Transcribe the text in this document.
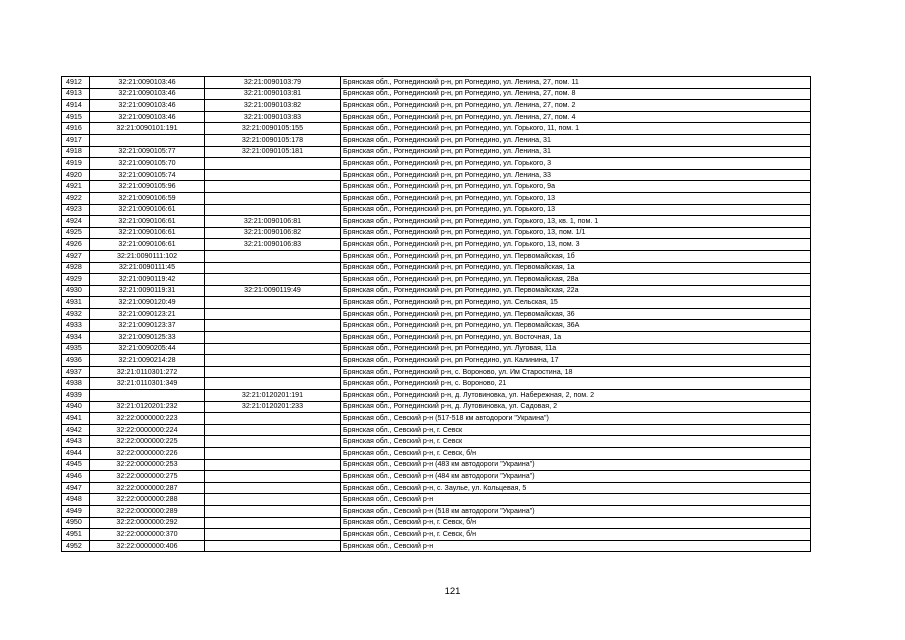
4912	32:21:0090103:46	32:21:0090103:79	Брянская обл., Рогнединский р-н, рп Рогнедино, ул. Ленина, 27, пом. 11
4913	32:21:0090103:46	32:21:0090103:81	Брянская обл., Рогнединский р-н, рп Рогнедино, ул. Ленина, 27, пом. 8
4914	32:21:0090103:46	32:21:0090103:82	Брянская обл., Рогнединский р-н, рп Рогнедино, ул. Ленина, 27, пом. 2
4915	32:21:0090103:46	32:21:0090103:83	Брянская обл., Рогнединский р-н, рп Рогнедино, ул. Ленина, 27, пом. 4
4916	32:21:0090101:191	32:21:0090105:155	Брянская обл., Рогнединский р-н, рп Рогнедино, ул. Горького, 11, пом. 1
4917		32:21:0090105:178	Брянская обл., Рогнединский р-н, рп Рогнедино, ул. Ленина, 31
4918	32:21:0090105:77	32:21:0090105:181	Брянская обл., Рогнединский р-н, рп Рогнедино, ул. Ленина, 31
4919	32:21:0090105:70		Брянская обл., Рогнединский р-н, рп Рогнедино, ул. Горького, 3
4920	32:21:0090105:74		Брянская обл., Рогнединский р-н, рп Рогнедино, ул. Ленина, 33
4921	32:21:0090105:96		Брянская обл., Рогнединский р-н, рп Рогнедино, ул. Горького, 9а
4922	32:21:0090106:59		Брянская обл., Рогнединский р-н, рп Рогнедино, ул. Горького, 13
4923	32:21:0090106:61		Брянская обл., Рогнединский р-н, рп Рогнедино, ул. Горького, 13
4924	32:21:0090106:61	32:21:0090106:81	Брянская обл., Рогнединский р-н, рп Рогнедино, ул. Горького, 13, кв. 1, пом. 1
4925	32:21:0090106:61	32:21:0090106:82	Брянская обл., Рогнединский р-н, рп Рогнедино, ул. Горького, 13, пом. 1/1
4926	32:21:0090106:61	32:21:0090106:83	Брянская обл., Рогнединский р-н, рп Рогнедино, ул. Горького, 13, пом. 3
4927	32:21:0090111:102		Брянская обл., Рогнединский р-н, рп Рогнедино, ул. Первомайская, 1б
4928	32:21:0090111:45		Брянская обл., Рогнединский р-н, рп Рогнедино, ул. Первомайская, 1а
4929	32:21:0090119:42		Брянская обл., Рогнединский р-н, рп Рогнедино, ул. Первомайская, 28а
4930	32:21:0090119:31	32:21:0090119:49	Брянская обл., Рогнединский р-н, рп Рогнедино, ул. Первомайская, 22а
4931	32:21:0090120:49		Брянская обл., Рогнединский р-н, рп Рогнедино, ул. Сельская, 15
4932	32:21:0090123:21		Брянская обл., Рогнединский р-н, рп Рогнедино, ул. Первомайская, 36
4933	32:21:0090123:37		Брянская обл., Рогнединский р-н, рп Рогнедино, ул. Первомайская, 36А
4934	32:21:0090125:33		Брянская обл., Рогнединский р-н, рп Рогнедино, ул. Восточная, 1а
4935	32:21:0090205:44		Брянская обл., Рогнединский р-н, рп Рогнедино, ул. Луговая, 11а
4936	32:21:0090214:28		Брянская обл., Рогнединский р-н, рп Рогнедино, ул. Калинина, 17
4937	32:21:0110301:272		Брянская обл., Рогнединский р-н, с. Вороново, ул. Им Старостина, 18
4938	32:21:0110301:349		Брянская обл., Рогнединский р-н, с. Вороново, 21
4939		32:21:0120201:191	Брянская обл., Рогнединский р-н, д. Лутовиновка, ул. Набережная, 2, пом. 2
4940	32:21:0120201:232	32:21:0120201:233	Брянская обл., Рогнединский р-н, д. Лутовиновка, ул. Садовая, 2
4941	32:22:0000000:223		Брянская обл., Севский р-н (517-518 км автодороги "Украина")
4942	32:22:0000000:224		Брянская обл., Севский р-н, г. Севск
4943	32:22:0000000:225		Брянская обл., Севский р-н, г. Севск
4944	32:22:0000000:226		Брянская обл., Севский р-н, г. Севск, б/н
4945	32:22:0000000:253		Брянская обл., Севский р-н (483 км автодороги "Украина")
4946	32:22:0000000:275		Брянская обл., Севский р-н (484 км автодороги "Украина")
4947	32:22:0000000:287		Брянская обл., Севский р-н, с. Заулье, ул. Кольцевая, 5
4948	32:22:0000000:288		Брянская обл., Севский р-н
4949	32:22:0000000:289		Брянская обл., Севский р-н (518 км автодороги "Украина")
4950	32:22:0000000:292		Брянская обл., Севский р-н, г. Севск, б/н
4951	32:22:0000000:370		Брянская обл., Севский р-н, г. Севск, б/н
4952	32:22:0000000:406		Брянская обл., Севский р-н
121
